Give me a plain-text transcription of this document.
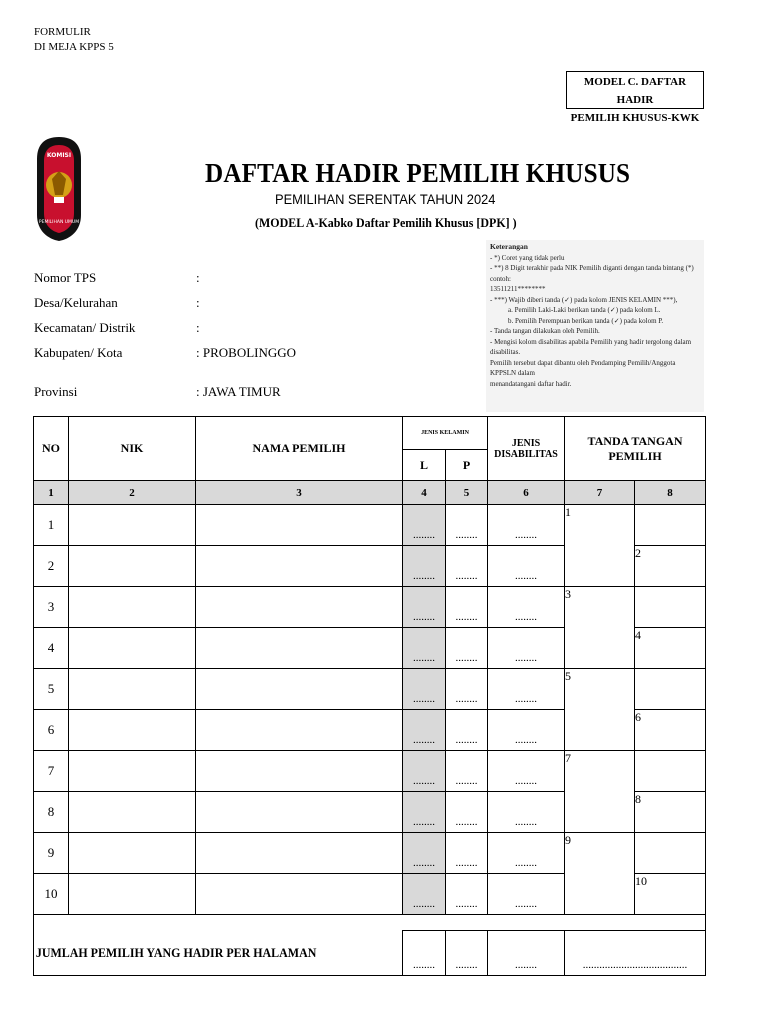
FORMULIR
DI MEJA KPPS 5
MODEL C. DAFTAR HADIR
PEMILIH KHUSUS-KWK
KOMISI
PEMILIHAN UMUM
DAFTAR HADIR PEMILIH KHUSUS
PEMILIHAN SERENTAK TAHUN 2024
(MODEL A-Kabko Daftar Pemilih Khusus [DPK] )
Nomor TPS	:
Desa/Kelurahan	:
Kecamatan/ Distrik	:
Kabupaten/ Kota	: PROBOLINGGO
Provinsi	: JAWA TIMUR
Keterangan
- *) Coret yang tidak perlu
- **) 8 Digit terakhir pada NIK Pemilih diganti dengan tanda bintang (*) contoh:
13511211********
- ***) Wajib diberi tanda (✓) pada kolom JENIS KELAMIN ***),
a. Pemilih Laki-Laki berikan tanda (✓) pada kolom L.
b. Pemilih Perempuan berikan tanda (✓) pada kolom P.
- Tanda tangan dilakukan oleh Pemilih.
- Mengisi kolom disabilitas apabila Pemilih yang hadir tergolong dalam disabilitas.
Pemilih tersebut dapat dibantu oleh Pendamping Pemilih/Anggota KPPSLN dalam
menandatangani daftar hadir.
NO	NIK	NAMA PEMILIH	JENIS KELAMIN		JENIS DISABILITAS	TANDA TANGAN PEMILIH	
			L	P			
1	2	3	4	5	6	7	8
1			........	........	........	1	

2			........	........	........		2

3			........	........	........	3	

4			........	........	........		4

5			........	........	........	5	

6			........	........	........		6

7			........	........	........	7	

8			........	........	........		8

9			........	........	........	9	

10			........	........	........		10

JUMLAH PEMILIH YANG HADIR PER HALAMAN			........	........	........	......................................	
